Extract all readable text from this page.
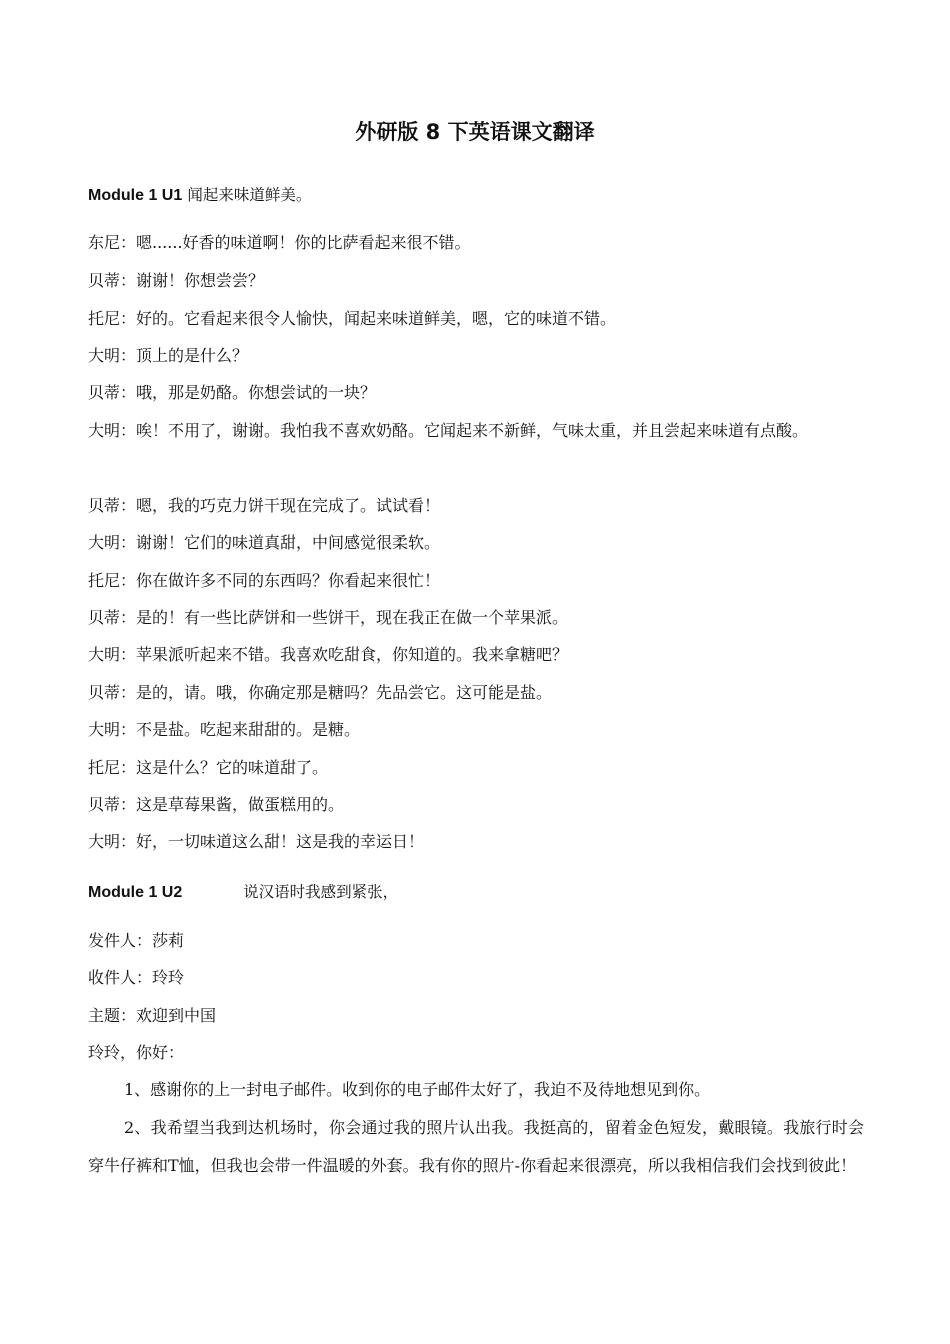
外研版 8 下英语课文翻译
Module 1 U1 闻起来味道鲜美。
东尼：嗯......好香的味道啊！你的比萨看起来很不错。
贝蒂：谢谢！你想尝尝？
托尼：好的。它看起来很令人愉快，闻起来味道鲜美，嗯，它的味道不错。
大明：顶上的是什么？
贝蒂：哦，那是奶酪。你想尝试的一块？
大明：唉！不用了，谢谢。我怕我不喜欢奶酪。它闻起来不新鲜，气味太重，并且尝起来味道有点酸。
贝蒂：嗯，我的巧克力饼干现在完成了。试试看！
大明：谢谢！它们的味道真甜，中间感觉很柔软。
托尼：你在做许多不同的东西吗？你看起来很忙！
贝蒂：是的！有一些比萨饼和一些饼干，现在我正在做一个苹果派。
大明：苹果派听起来不错。我喜欢吃甜食，你知道的。我来拿糖吧？
贝蒂：是的，请。哦，你确定那是糖吗？先品尝它。这可能是盐。
大明：不是盐。吃起来甜甜的。是糖。
托尼：这是什么？它的味道甜了。
贝蒂：这是草莓果酱，做蛋糕用的。
大明：好，一切味道这么甜！这是我的幸运日！
Module 1 U2	说汉语时我感到紧张，
发件人：莎莉
收件人：玲玲
主题：欢迎到中国
玲玲，你好：
1、感谢你的上一封电子邮件。收到你的电子邮件太好了，我迫不及待地想见到你。
2、我希望当我到达机场时，你会通过我的照片认出我。我挺高的，留着金色短发，戴眼镜。我旅行时会穿牛仔裤和T恤，但我也会带一件温暖的外套。我有你的照片-你看起来很漂亮，所以我相信我们会找到彼此！
